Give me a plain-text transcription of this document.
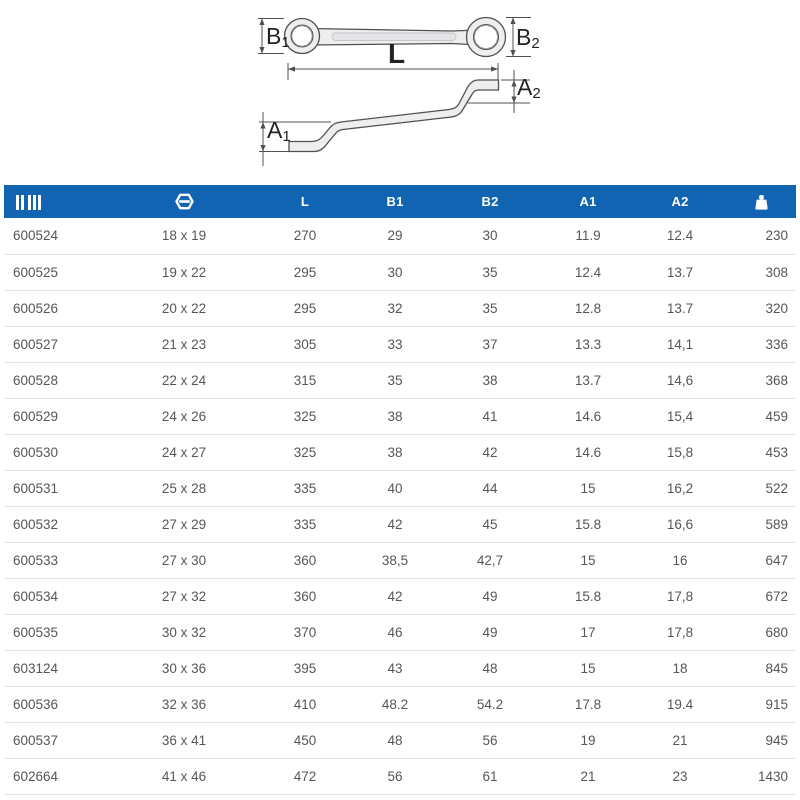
B1	B2
L
A2
A1
		L	B1	B2	A1	A2	
600524	18 x 19	270	29	30	11.9	12.4	230
600525	19 x 22	295	30	35	12.4	13.7	308
600526	20 x 22	295	32	35	12.8	13.7	320
600527	21 x 23	305	33	37	13.3	14,1	336
600528	22 x 24	315	35	38	13.7	14,6	368
600529	24 x 26	325	38	41	14.6	15,4	459
600530	24 x 27	325	38	42	14.6	15,8	453
600531	25 x 28	335	40	44	15	16,2	522
600532	27 x 29	335	42	45	15.8	16,6	589
600533	27 x 30	360	38,5	42,7	15	16	647
600534	27 x 32	360	42	49	15.8	17,8	672
600535	30 x 32	370	46	49	17	17,8	680
603124	30 x 36	395	43	48	15	18	845
600536	32 x 36	410	48.2	54.2	17.8	19.4	915
600537	36 x 41	450	48	56	19	21	945
602664	41 x 46	472	56	61	21	23	1430
